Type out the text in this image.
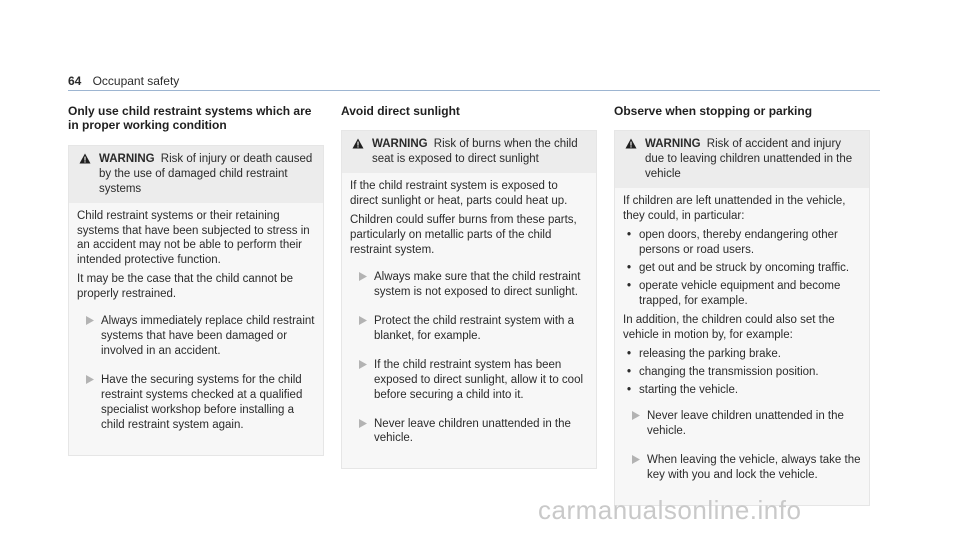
64 Occupant safety
Only use child restraint systems which are in proper working condition
WARNING Risk of injury or death caused by the use of damaged child restraint systems

Child restraint systems or their retaining systems that have been subjected to stress in an accident may not be able to perform their intended protective function.

It may be the case that the child cannot be properly restrained.

Always immediately replace child restraint systems that have been damaged or involved in an accident.
Have the securing systems for the child restraint systems checked at a qualified specialist workshop before installing a child restraint system again.
Avoid direct sunlight
WARNING Risk of burns when the child seat is exposed to direct sunlight

If the child restraint system is exposed to direct sunlight or heat, parts could heat up.

Children could suffer burns from these parts, particularly on metallic parts of the child restraint system.

Always make sure that the child restraint system is not exposed to direct sunlight.
Protect the child restraint system with a blanket, for example.
If the child restraint system has been exposed to direct sunlight, allow it to cool before securing a child into it.
Never leave children unattended in the vehicle.
Observe when stopping or parking
WARNING Risk of accident and injury due to leaving children unattended in the vehicle

If children are left unattended in the vehicle, they could, in particular:

• open doors, thereby endangering other persons or road users.
• get out and be struck by oncoming traffic.
• operate vehicle equipment and become trapped, for example.

In addition, the children could also set the vehicle in motion by, for example:

• releasing the parking brake.
• changing the transmission position.
• starting the vehicle.
Never leave children unattended in the vehicle.
When leaving the vehicle, always take the key with you and lock the vehicle.
carmanualsonline.info
